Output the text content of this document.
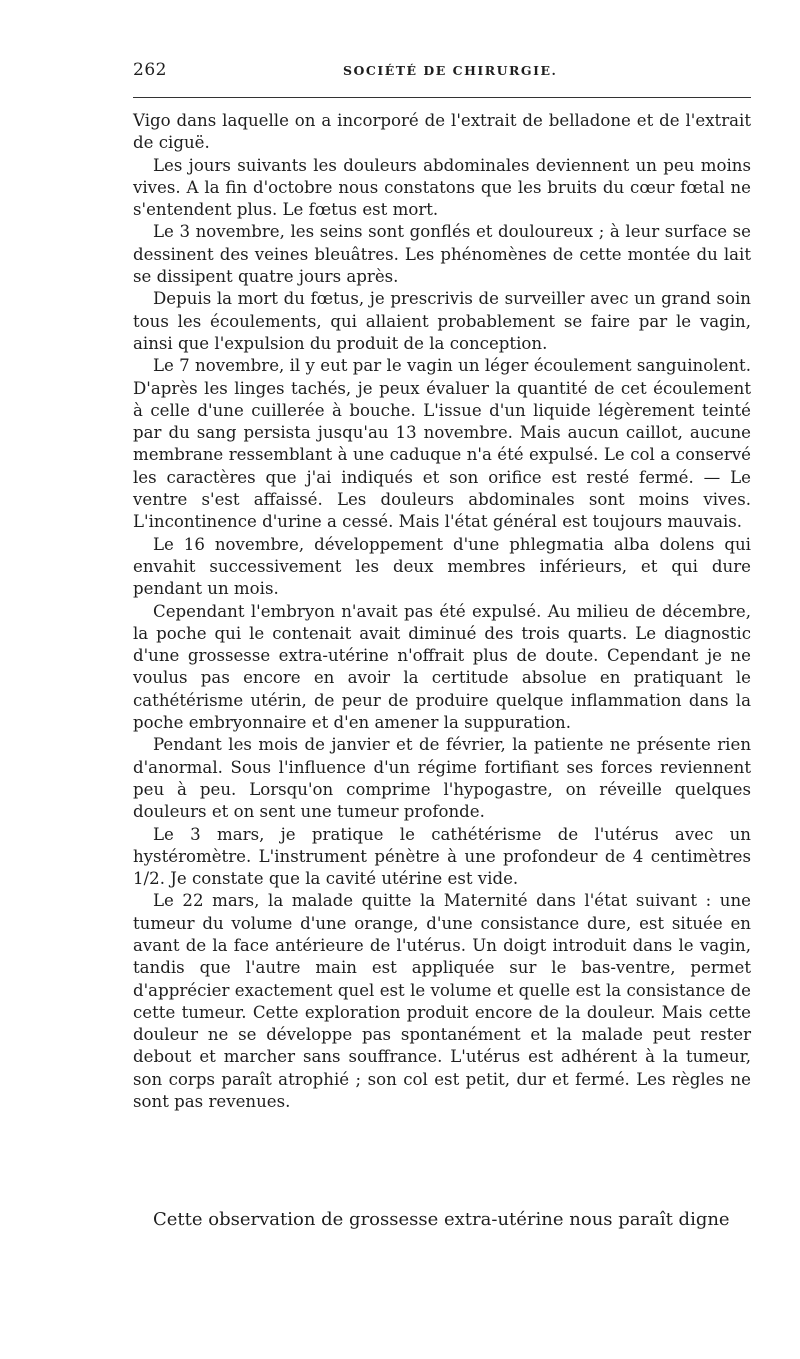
262	SOCIÉTÉ DE CHIRURGIE.

Vigo dans laquelle on a incorporé de l'extrait de belladone et de l'extrait de ciguë.

Les jours suivants les douleurs abdominales deviennent un peu moins vives. A la fin d'octobre nous constatons que les bruits du cœur fœtal ne s'entendent plus. Le fœtus est mort.

Le 3 novembre, les seins sont gonflés et douloureux ; à leur surface se dessinent des veines bleuâtres. Les phénomènes de cette montée du lait se dissipent quatre jours après.

Depuis la mort du fœtus, je prescrivis de surveiller avec un grand soin tous les écoulements, qui allaient probablement se faire par le vagin, ainsi que l'expulsion du produit de la conception.

Le 7 novembre, il y eut par le vagin un léger écoulement sanguinolent. D'après les linges tachés, je peux évaluer la quantité de cet écoulement à celle d'une cuillerée à bouche. L'issue d'un liquide légèrement teinté par du sang persista jusqu'au 13 novembre. Mais aucun caillot, aucune membrane ressemblant à une caduque n'a été expulsé. Le col a conservé les caractères que j'ai indiqués et son orifice est resté fermé. — Le ventre s'est affaissé. Les douleurs abdominales sont moins vives. L'incontinence d'urine a cessé. Mais l'état général est toujours mauvais.

Le 16 novembre, développement d'une phlegmatia alba dolens qui envahit successivement les deux membres inférieurs, et qui dure pendant un mois.

Cependant l'embryon n'avait pas été expulsé. Au milieu de décembre, la poche qui le contenait avait diminué des trois quarts. Le diagnostic d'une grossesse extra-utérine n'offrait plus de doute. Cependant je ne voulus pas encore en avoir la certitude absolue en pratiquant le cathétérisme utérin, de peur de produire quelque inflammation dans la poche embryonnaire et d'en amener la suppuration.

Pendant les mois de janvier et de février, la patiente ne présente rien d'anormal. Sous l'influence d'un régime fortifiant ses forces reviennent peu à peu. Lorsqu'on comprime l'hypogastre, on réveille quelques douleurs et on sent une tumeur profonde.

Le 3 mars, je pratique le cathétérisme de l'utérus avec un hystéromètre. L'instrument pénètre à une profondeur de 4 centimètres 1/2. Je constate que la cavité utérine est vide.

Le 22 mars, la malade quitte la Maternité dans l'état suivant : une tumeur du volume d'une orange, d'une consistance dure, est située en avant de la face antérieure de l'utérus. Un doigt introduit dans le vagin, tandis que l'autre main est appliquée sur le bas-ventre, permet d'apprécier exactement quel est le volume et quelle est la consistance de cette tumeur. Cette exploration produit encore de la douleur. Mais cette douleur ne se développe pas spontanément et la malade peut rester debout et marcher sans souffrance. L'utérus est adhérent à la tumeur, son corps paraît atrophié ; son col est petit, dur et fermé. Les règles ne sont pas revenues.

Cette observation de grossesse extra-utérine nous paraît digne
